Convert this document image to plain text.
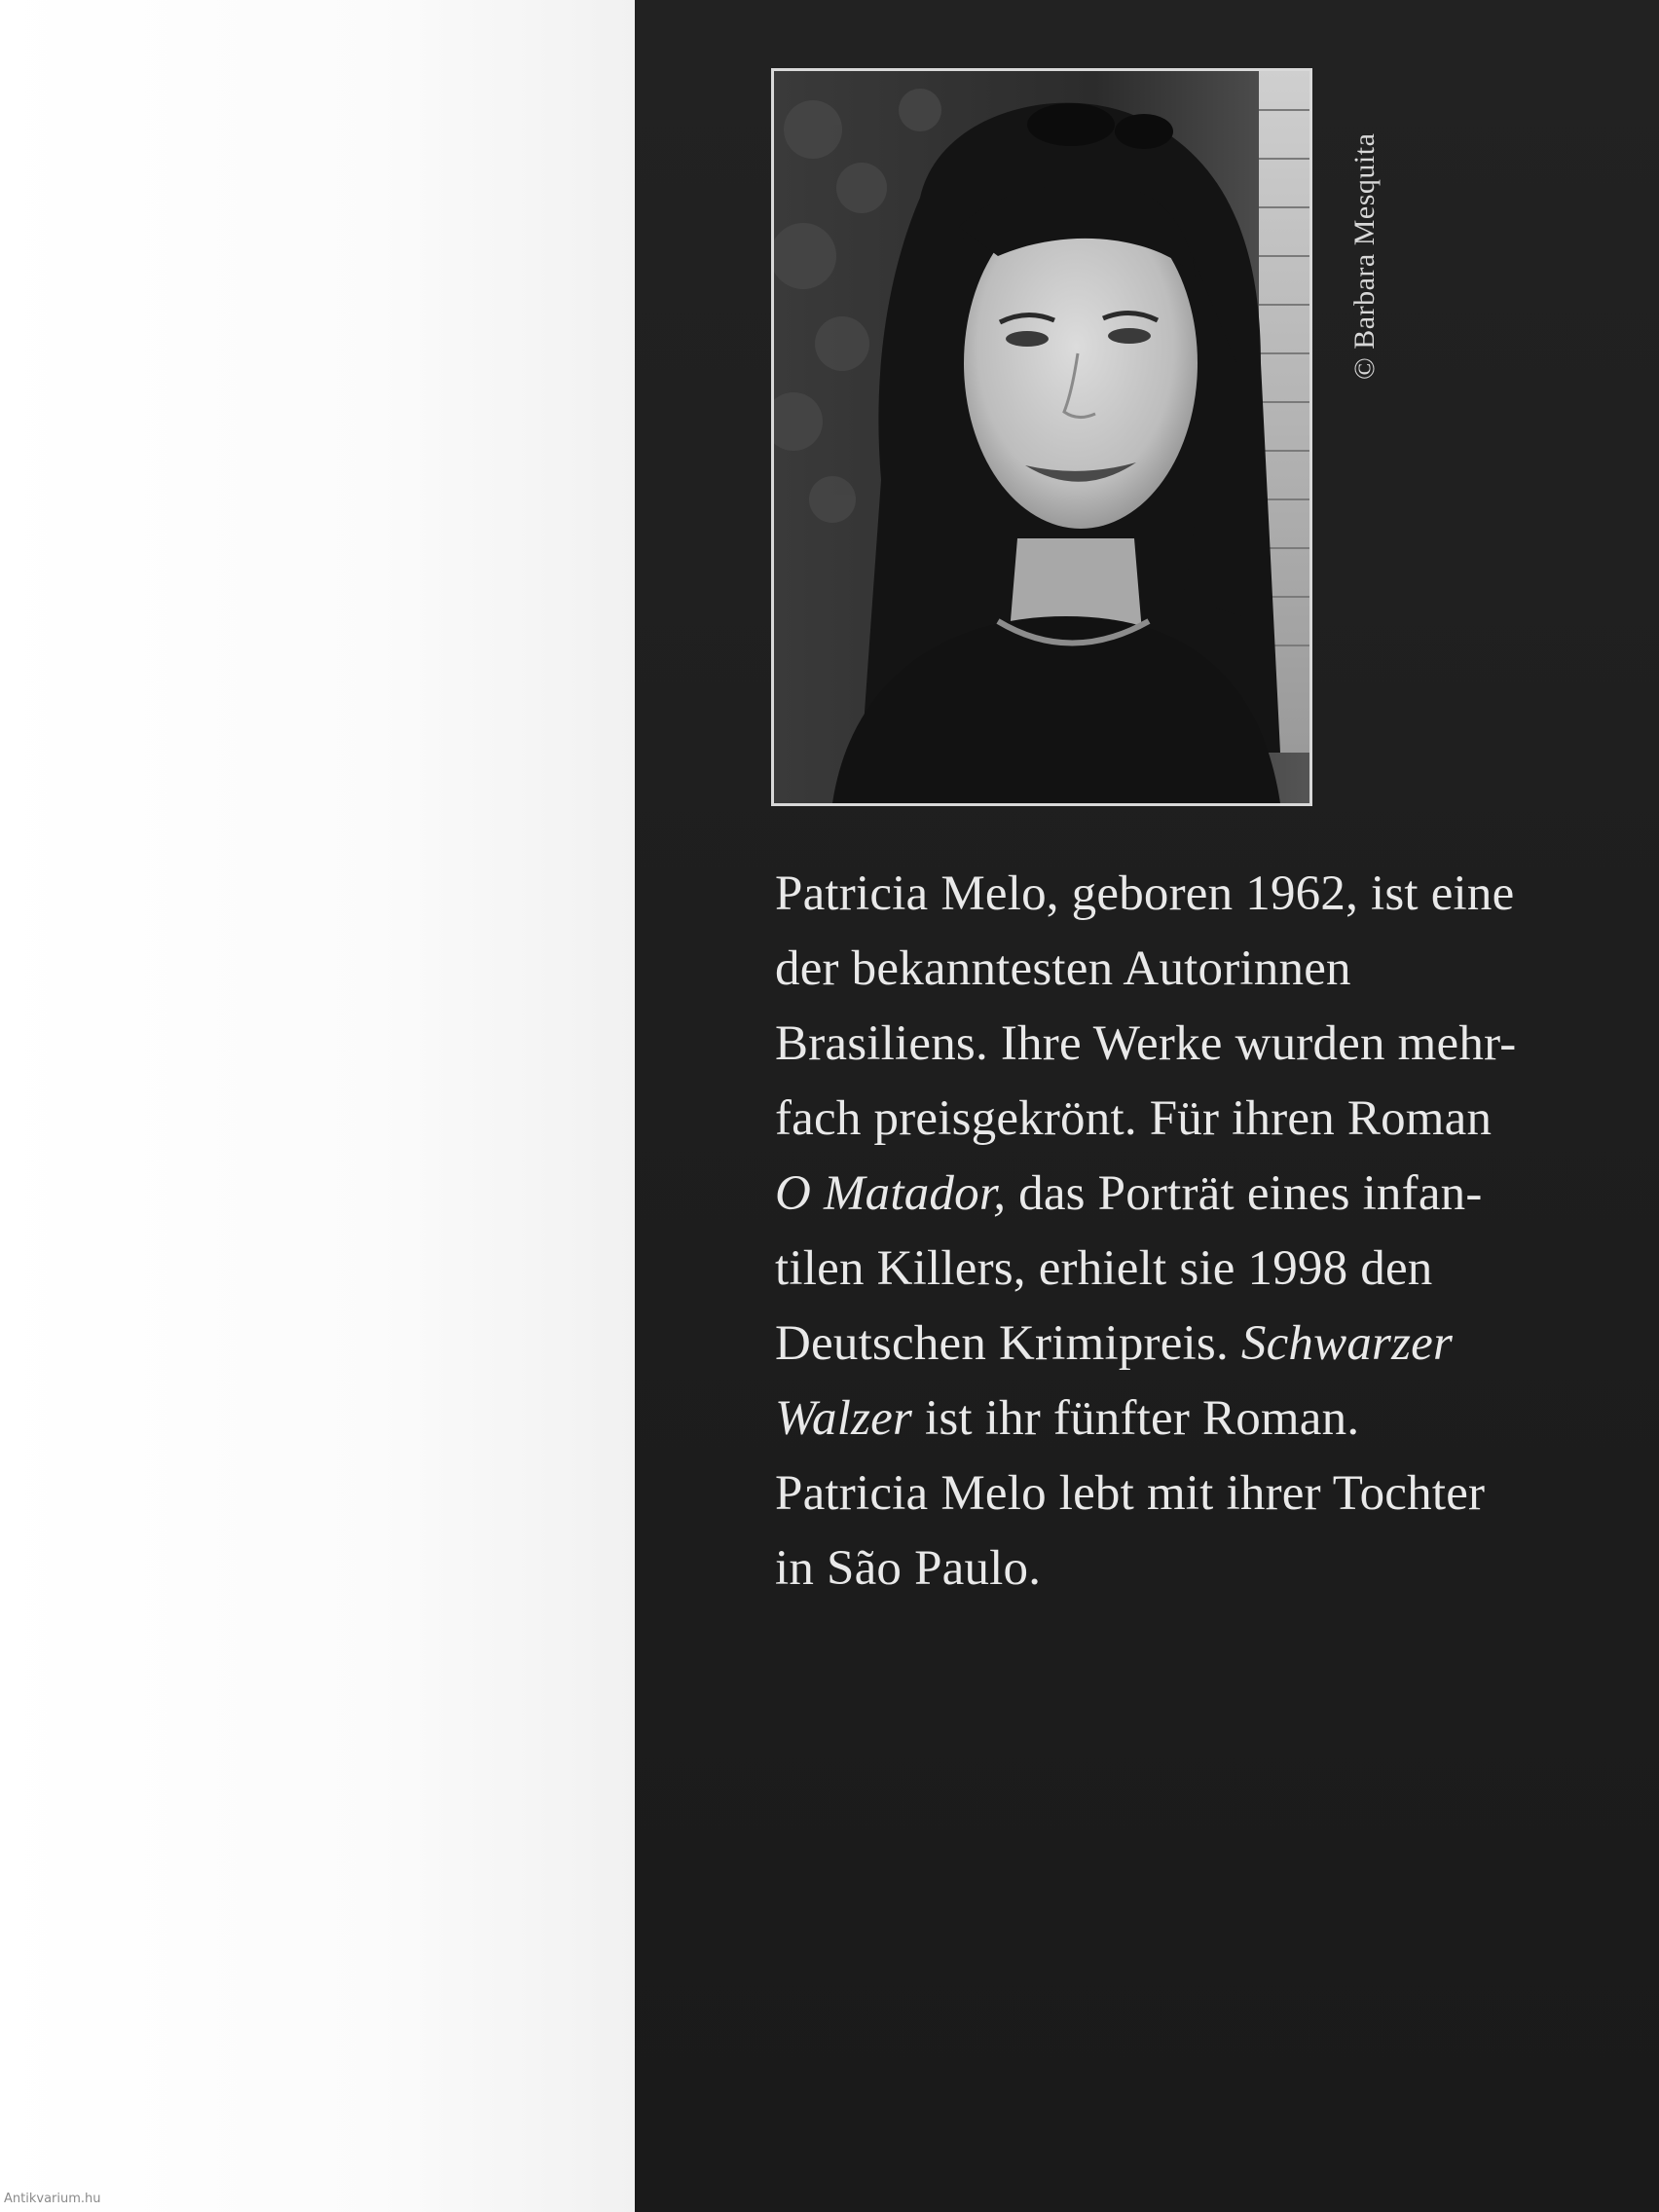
© Barbara Mesquita
Patricia Melo, geboren 1962, ist eine
der bekanntesten Autorinnen
Brasiliens. Ihre Werke wurden mehr-
fach preisgekrönt. Für ihren Roman
O Matador, das Porträt eines infan-
tilen Killers, erhielt sie 1998 den
Deutschen Krimipreis. Schwarzer
Walzer ist ihr fünfter Roman.
Patricia Melo lebt mit ihrer Tochter
in São Paulo.
Antikvarium.hu
